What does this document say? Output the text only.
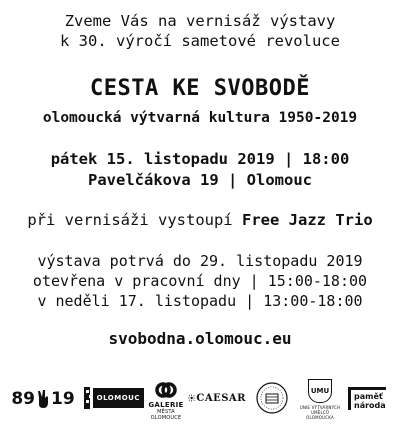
Zveme Vás na vernisáž výstavy
k 30. výročí sametové revoluce
CESTA KE SVOBODĚ
olomoucká výtvarná kultura 1950-2019
pátek 15. listopadu 2019 | 18:00
Pavelčákova 19 | Olomouc
při vernisáži vystoupí Free Jazz Trio
výstava potrvá do 29. listopadu 2019
otevřena v pracovní dny | 15:00-18:00
v neděli 17. listopadu | 13:00-18:00
svobodna.olomouc.eu
89 19	OLOMOUC
GALERIE
MĚSTA OLOMOUCE
CAESAR
UMU
UNIE VÝTVARNÝCH UMĚLCŮ OLOMOUCKA
paměť
národa
